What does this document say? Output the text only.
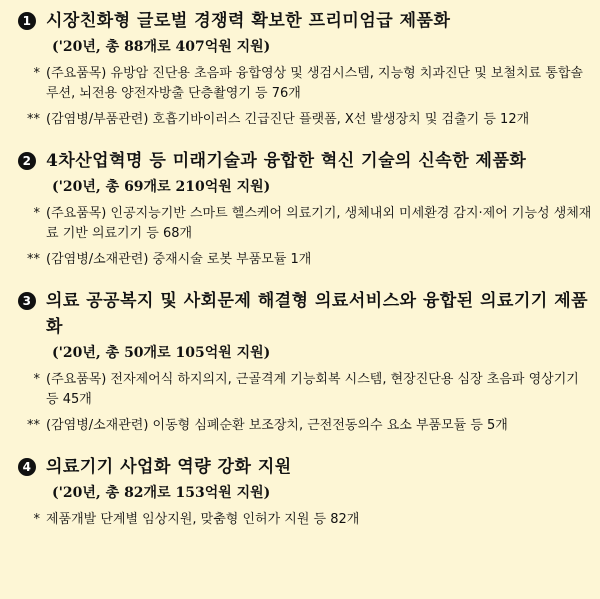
1 시장친화형 글로벌 경쟁력 확보한 프리미엄급 제품화
('20년, 총 88개로 407억원 지원)
* (주요품목) 유방암 진단용 초음파 융합영상 및 생검시스템, 지능형 치과진단 및 보철치료 통합솔루션, 뇌전용 양전자방출 단층촬영기 등 76개
** (감염병/부품관련) 호흡기바이러스 긴급진단 플랫폼, X선 발생장치 및 검출기 등 12개
2 4차산업혁명 등 미래기술과 융합한 혁신 기술의 신속한 제품화
('20년, 총 69개로 210억원 지원)
* (주요품목) 인공지능기반 스마트 헬스케어 의료기기, 생체내외 미세환경 감지·제어 기능성 생체재료 기반 의료기기 등 68개
** (감염병/소재관련) 중재시술 로봇 부품모듈 1개
3 의료 공공복지 및 사회문제 해결형 의료서비스와 융합된 의료기기 제품화
('20년, 총 50개로 105억원 지원)
* (주요품목) 전자제어식 하지의지, 근골격계 기능회복 시스템, 현장진단용 심장 초음파 영상기기 등 45개
** (감염병/소재관련) 이동형 심폐순환 보조장치, 근전전동의수 요소 부품모듈 등 5개
4 의료기기 사업화 역량 강화 지원
('20년, 총 82개로 153억원 지원)
* 제품개발 단계별 임상지원, 맞춤형 인허가 지원 등 82개
